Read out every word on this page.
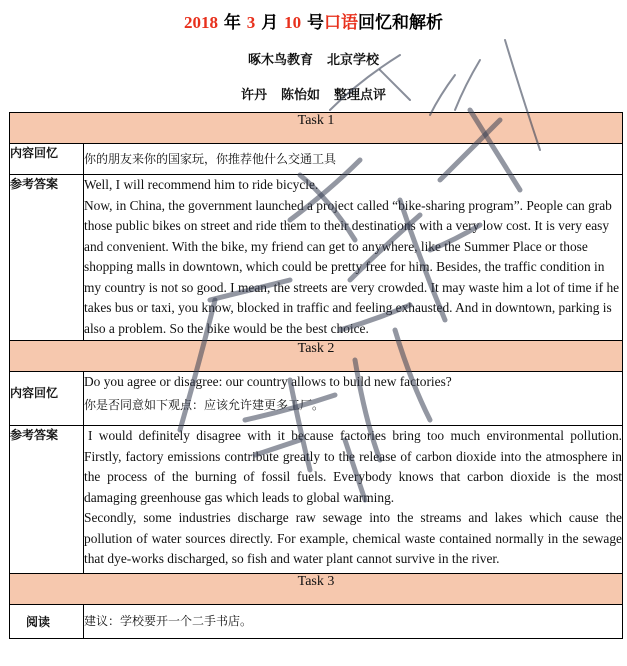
2018 年 3 月 10 号口语回忆和解析
啄木鸟教育 北京学校
许丹 陈怡如 整理点评
Task 1	
内容回忆	你的朋友来你的国家玩，你推荐他什么交通工具
参考答案	Well, I will recommend him to ride bicycle.

Now, in China, the government launched a project called “bike-sharing program”. People can grab those public bikes on street and ride them to their destinations with a very low cost. It is very easy and convenient. With the bike, my friend can get to anywhere, like the Summer Place or those shopping malls in downtown, which could be pretty free for him. Besides, the traffic condition in my country is not so good. I mean, the streets are very crowded. It may waste him a lot of time if he takes bus or taxi, you know, blocked in traffic and feeling exhausted. And in downtown, parking is also a problem. So the bike would be the best choice.

Task 2	
内容回忆	Do you agree or disagree: our country allows to build new factories?

你是否同意如下观点：应该允许建更多工厂。

参考答案	I would definitely disagree with it because factories bring too much environmental pollution. Firstly, factory emissions contribute greatly to the release of carbon dioxide into the atmosphere in the process of the burning of fossil fuels. Everybody knows that carbon dioxide is the most damaging greenhouse gas which leads to global warming.

Secondly, some industries discharge raw sewage into the streams and lakes which cause the pollution of water sources directly. For example, chemical waste contained normally in the sewage that dye-works discharged, so fish and water plant cannot survive in the river.

Task 3	
阅读	建议：学校要开一个二手书店。
